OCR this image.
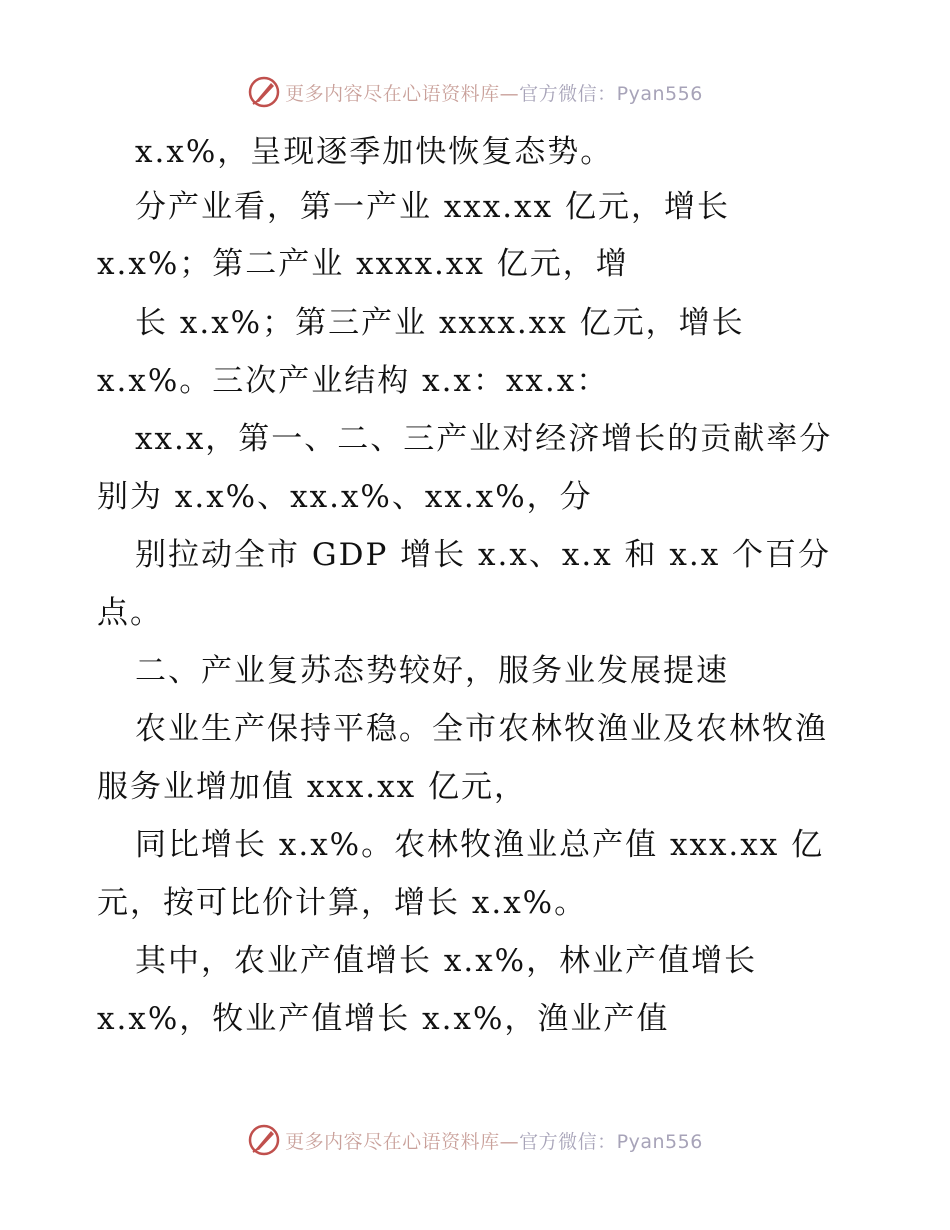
更多内容尽在心语资料库—官方微信：Pyan556
x.x%，呈现逐季加快恢复态势。
分产业看，第一产业 xxx.xx 亿元，增长
x.x%；第二产业 xxxx.xx 亿元，增
长 x.x%；第三产业 xxxx.xx 亿元，增长
x.x%。三次产业结构 x.x：xx.x：
xx.x，第一、二、三产业对经济增长的贡献率分
别为 x.x%、xx.x%、xx.x%，分
别拉动全市 GDP 增长 x.x、x.x 和 x.x 个百分
点。
二、产业复苏态势较好，服务业发展提速
农业生产保持平稳。全市农林牧渔业及农林牧渔
服务业增加值 xxx.xx 亿元，
同比增长 x.x%。农林牧渔业总产值 xxx.xx 亿
元，按可比价计算，增长 x.x%。
其中，农业产值增长 x.x%，林业产值增长
x.x%，牧业产值增长 x.x%，渔业产值
更多内容尽在心语资料库—官方微信：Pyan556
